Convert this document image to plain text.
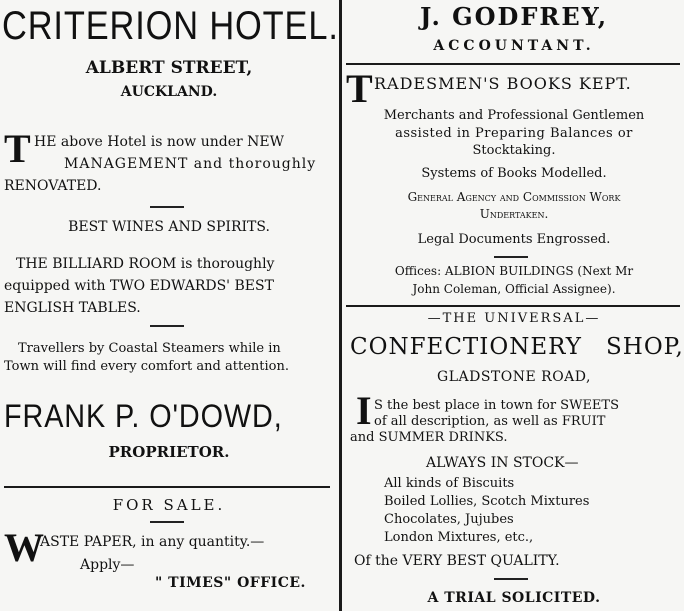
CRITERION HOTEL.
ALBERT STREET,
AUCKLAND.
T HE above Hotel is now under NEW
MANAGEMENT and thoroughly
RENOVATED.
BEST WINES AND SPIRITS.
THE BILLIARD ROOM is thoroughly
equipped with TWO EDWARDS' BEST
ENGLISH TABLES.
Travellers by Coastal Steamers while in
Town will find every comfort and attention.
FRANK P. O'DOWD,
PROPRIETOR.
FOR SALE.
W
ASTE PAPER, in any quantity.—
Apply—
" TIMES" OFFICE.
J. GODFREY,
ACCOUNTANT.
T RADESMEN'S BOOKS KEPT.
Merchants and Professional Gentlemen
assisted in Preparing Balances or
Stocktaking.
Systems of Books Modelled.
General Agency and Commission Work
Undertaken.
Legal Documents Engrossed.
Offices: ALBION BUILDINGS (Next Mr
John Coleman, Official Assignee).
—THE UNIVERSAL—
CONFECTIONERY SHOP,
GLADSTONE ROAD,
I S the best place in town for SWEETS
of all description, as well as FRUIT
and SUMMER DRINKS.
ALWAYS IN STOCK—
All kinds of Biscuits
Boiled Lollies, Scotch Mixtures
Chocolates, Jujubes
London Mixtures, etc.,
Of the VERY BEST QUALITY.
A TRIAL SOLICITED.
